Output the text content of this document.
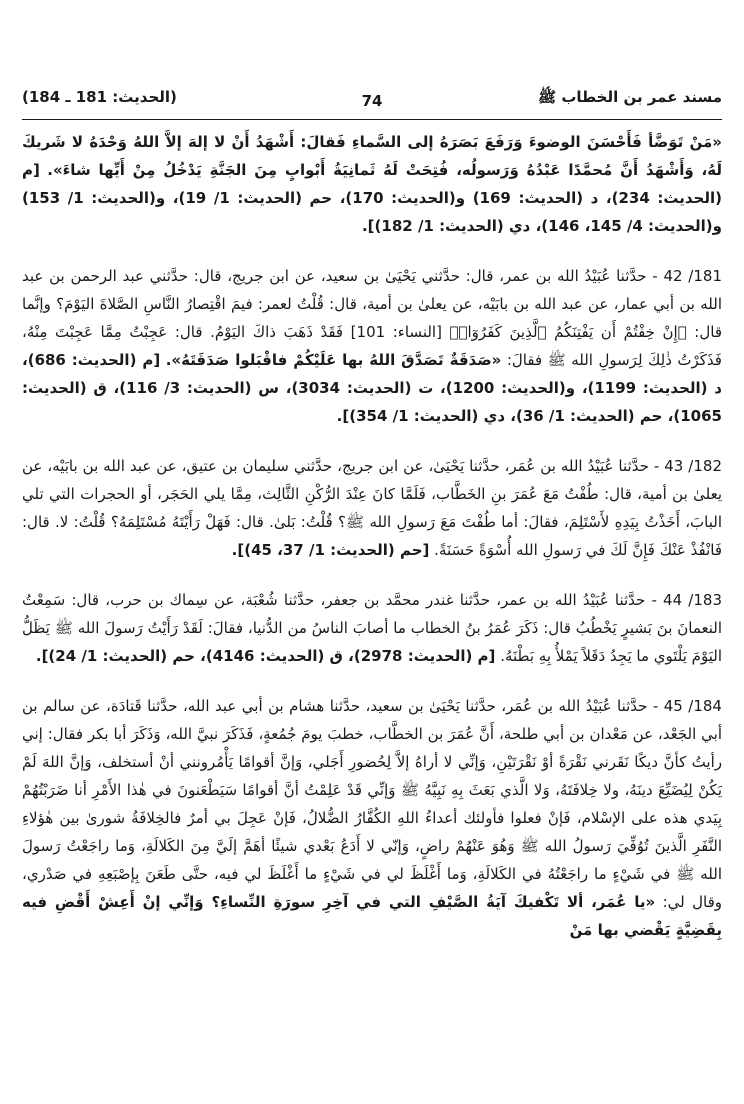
مسند عمر بن الخطاب ﷺ
74
(الحديث: 181 ـ 184)

«مَنْ تَوَضَّأ فَأَحْسَنَ الوضوءَ وَرَفَعَ بَصَرَهُ إلى السَّماءِ فَقالَ: أَشْهَدُ أَنْ لا إلهَ إلاَّ اللهُ وَحْدَهُ لا شَريكَ لَهُ، وَأَشْهَدُ أَنَّ مُحمَّدًا عَبْدُهُ وَرَسولُه، فُتِحَتْ لَهُ ثَمانِيَةُ أَبْوابٍ مِنَ الجَنَّةِ يَدْخُلُ مِنْ أَيِّها شاءَ». [م (الحديث: 234)، د (الحديث: 169) و(الحديث: 170)، حم (الحديث: 1/ 19)، و(الحديث: 1/ 153) و(الحديث: 4/ 145، 146)، دي (الحديث: 1/ 182)].

181/ 42 - حدَّثنا عُبَيْدُ الله بن عمر، قال: حدَّثني يَحْيَىٰ بن سعيد، عن ابن جريج، قال: حدَّثني عبد الرحمن بن عبد الله بن أبي عمار، عن عبد الله بن بابَيْه، عن يعلىٰ بن أمية، قال: قُلْتُ لعمر: فيمَ اقْتِصارُ النَّاسِ الصَّلاةَ اليَوْمَ؟ وإنَّما قال: ﴿إِنْ خِفْتُمْ أَن يَفْتِنَكُمُ ٱلَّذِينَ كَفَرُوٓا۟﴾ [النساء: 101] فَقَدْ ذَهَبَ ذاكَ اليَوْمُ. قال: عَجِبْتُ مِمَّا عَجِبْتَ مِنْهُ، فَذَكَرْتُ ذٰلِكَ لِرَسولِ الله ﷺ فقالَ: «صَدَقَةٌ تَصَدَّقَ اللهُ بها عَلَيْكُمْ فاقْبَلوا صَدَقَتَهُ». [م (الحديث: 686)، د (الحديث: 1199)، و(الحديث: 1200)، ت (الحديث: 3034)، س (الحديث: 3/ 116)، ق (الحديث: 1065)، حم (الحديث: 1/ 36)، دي (الحديث: 1/ 354)].

182/ 43 - حدَّثنا عُبَيْدُ الله بن عُمَر، حدَّثنا يَحْيَىٰ، عن ابن جريج، حدَّثني سليمان بن عتيق، عن عبد الله بن بابَيْه، عن يعلىٰ بن أمية، قال: طُفْتُ مَعَ عُمَرَ بنِ الخَطَّاب، فَلَمَّا كانَ عِنْدَ الرُّكْنِ الثَّالِث، مِمَّا يلي الحَجَر، أو الحجرات التي تلي البابَ، أَخَذْتُ بِيَدِهِ لأَسْتَلِمَ، فقالَ: أما طُفْتَ مَعَ رَسولِ الله ﷺ؟ قُلْتُ: بَلىٰ. قال: فَهَلْ رَأَيْتَهُ مُسْتَلِمَهُ؟ قُلْتُ: لا. قال: فَانْفُذْ عَنْكَ فَإِنَّ لَكَ في رَسولِ الله أُسْوَةً حَسَنَةً. [حم (الحديث: 1/ 37، 45)].

183/ 44 - حدَّثنا عُبَيْدُ الله بن عمر، حدَّثنا غندر محمَّد بن جعفر، حدَّثنا شُعْبَة، عن سِماك بن حرب، قال: سَمِعْتُ النعمانَ بنَ بَشيرٍ يَخْطُبُ قال: ذَكَرَ عُمَرُ بنُ الخطاب ما أصابَ الناسُ من الدُّنيا، فقالَ: لَقَدْ رَأَيْتُ رَسولَ الله ﷺ يَظَلُّ اليَوْمَ يَلْتَوي ما يَجِدُ دَقَلاً يَمْلأُ بِهِ بَطْنَهُ. [م (الحديث: 2978)، ق (الحديث: 4146)، حم (الحديث: 1/ 24)].

184/ 45 - حدَّثنا عُبَيْدُ الله بن عُمَر، حدَّثنا يَحْيَىٰ بن سعيد، حدَّثنا هشام بن أبي عبد الله، حدَّثنا قَتادَة، عن سالم بن أبي الجَعْد، عن مَعْدان بن أبي طلحة، أَنَّ عُمَرَ بن الخطَّاب، خطبَ يومَ جُمُعةٍ، فَذَكَرَ نبيَّ الله، وَذَكَرَ أبا بكر فقال: إني رأيتُ كأنَّ ديكًا نَقَرني نَقْرَةً أوْ نَقْرَتَيْنِ، وَإنِّي لا أراهُ إلاَّ لِحُضورِ أَجَلي، وَإنَّ أقوامًا يَأْمُرونني أنْ أستخلف، وَإنَّ اللهَ لَمْ يَكُنْ لِيُضَيِّعَ دينَهُ، ولا خِلافَتَهُ، وَلا الَّذي بَعَثَ بِهِ نَبِيَّهُ ﷺ وَإنِّي قَدْ عَلِمْتُ أنَّ أقوامًا سَيَطْعَنونَ في هٰذا الأَمْرِ أنا ضَرَبْتُهُمْ بِيَدي هذه على الإسْلام، فَإنْ فعلوا فأولئك أعداءُ اللهِ الكُفَّارُ الضُّلالُ، فَإنْ عَجِلَ بي أمرٌ فالخِلافَةُ شورىٰ بين هٰؤلاءِ النَّفَرِ الَّذينَ تُوُفِّيَ رَسولُ الله ﷺ وَهُوَ عَنْهُمْ راضٍ، وَإنّي لا أَدَعُ بَعْدي شيئًا أهَمَّ إلَيَّ مِنَ الكَلالَةِ، وَما راجَعْتُ رَسولَ الله ﷺ في شَيْءٍ ما راجَعْتُهُ في الكَلالَةِ، وَما أَغْلَظَ لي في شَيْءٍ ما أَغْلَظَ لي فيه، حتَّى طَعَنَ بِإصْبَعِهِ في صَدْري، وقال لي: «يا عُمَر، ألا تَكْفيكَ آيَةُ الصَّيْفِ التي في آخِرِ سورَةِ النِّساءِ؟ وَإنِّي إنْ أَعِشْ أَقْضِ فيه بِقَضِيَّةٍ يَقْضي بها مَنْ
